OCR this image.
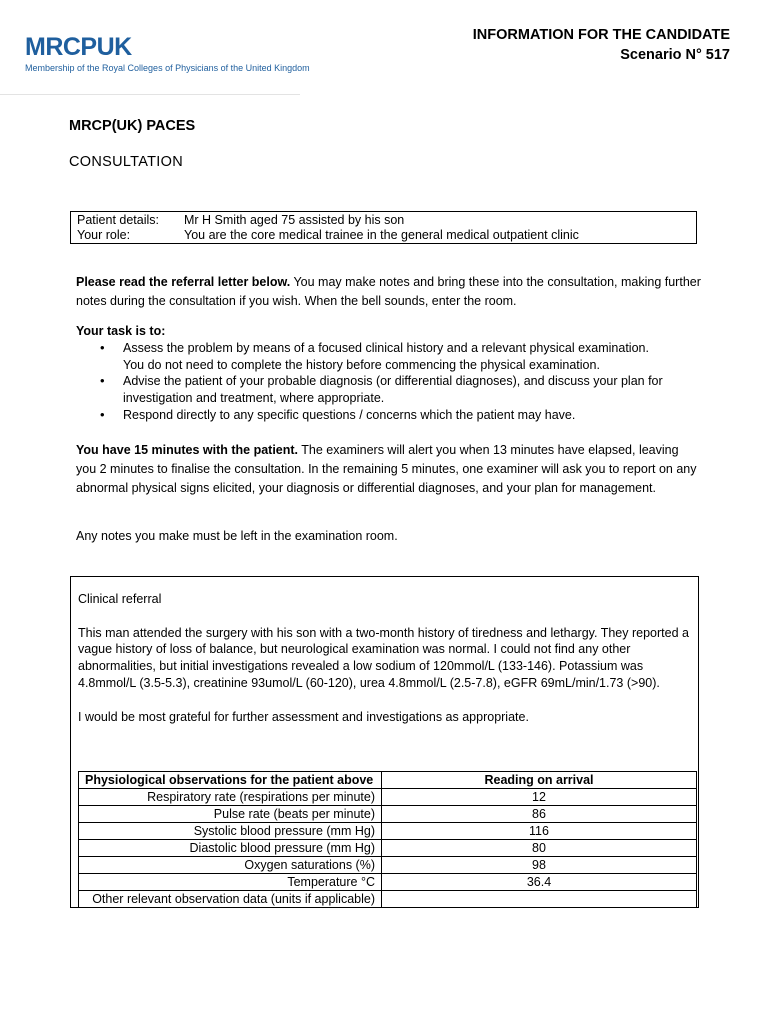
MRCPUK
Membership of the Royal Colleges of Physicians of the United Kingdom
INFORMATION FOR THE CANDIDATE
Scenario N° 517
MRCP(UK) PACES
CONSULTATION
Patient details:	Mr H Smith aged 75 assisted by his son
Your role:	You are the core medical trainee in the general medical outpatient clinic
Please read the referral letter below. You may make notes and bring these into the consultation, making further notes during the consultation if you wish. When the bell sounds, enter the room.
Your task is to:
• Assess the problem by means of a focused clinical history and a relevant physical examination.
You do not need to complete the history before commencing the physical examination.
• Advise the patient of your probable diagnosis (or differential diagnoses), and discuss your plan for investigation and treatment, where appropriate.
• Respond directly to any specific questions / concerns which the patient may have.
You have 15 minutes with the patient. The examiners will alert you when 13 minutes have elapsed, leaving you 2 minutes to finalise the consultation. In the remaining 5 minutes, one examiner will ask you to report on any abnormal physical signs elicited, your diagnosis or differential diagnoses, and your plan for management.
Any notes you make must be left in the examination room.

Clinical referral

This man attended the surgery with his son with a two-month history of tiredness and lethargy. They reported a vague history of loss of balance, but neurological examination was normal. I could not find any other abnormalities, but initial investigations revealed a low sodium of 120mmol/L (133-146). Potassium was 4.8mmol/L (3.5-5.3), creatinine 93umol/L (60-120), urea 4.8mmol/L (2.5-7.8), eGFR 69mL/min/1.73 (>90).

I would be most grateful for further assessment and investigations as appropriate.

Physiological observations for the patient above	Reading on arrival
Respiratory rate (respirations per minute)	12
Pulse rate (beats per minute)	86
Systolic blood pressure (mm Hg)	116
Diastolic blood pressure (mm Hg)	80
Oxygen saturations (%)	98
Temperature °C	36.4
Other relevant observation data (units if applicable)	
